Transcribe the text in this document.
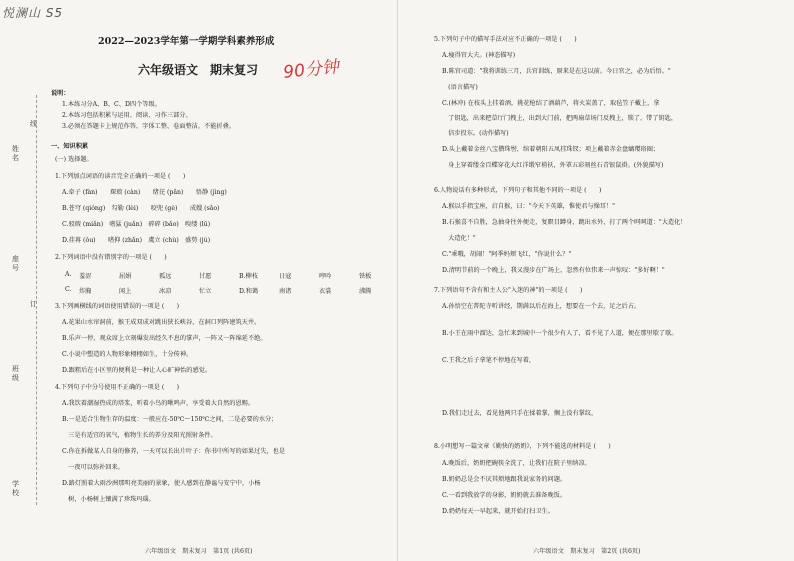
悦澜山 S5
90分钟
2022—2023学年第一学期学科素养形成
六年级语文　期末复习
姓名
座号
班级
学校
线
订
说明：
1.本练习分A、B、C、D四个等级。
2.本练习包括积累与运用、阅读、习作三部分。
3.必须在答题卡上规范作答，字体工整、卷面整洁，不能折叠。
一、知识积累
(一) 选择题。
1.下列加点词语的读音完全正确的一项是 (　　)
A.牵子 (fàn)　　琛琅 (càn)　　绪芘 (pǎn)　　悟静 (jìng)
B.苍穹 (qióng)　勾勒 (lèi)　　咬兜 (gè)　　成嫂 (sǎo)
C.驳瑕 (miǎn)　嗜猛 (juǎn)　碎碎 (bǎo)　嗅缕 (lǔ)
D.荏苒 (ǒu)　　嗜抑 (zhǎn)　虞立 (chù)　盛势 (jù)
2.下列词语中没有错别字的一项是 (　　)
A.	羞涩	屈娟	孤远	甘愿	B.柳枝	日寇	哼吟	铁板
C.	炸胸	闲上	冰凉	忙立	D.和蔼	南诸	衣裳	沸腾
3.下列画横线的词语使用错误的一项是 (　　)
A.花果山水帘洞前，猴王成双成对跳出狭长峡谷，在洞口列阵建筑天井。
B.乐声一停，观众席上立刻爆发出经久不息的掌声，一阵又一阵绵延不绝。
C.小说中塑造的人物形象栩栩如生，十分传神。
D.跟粗后在小区里的便利是一种让人心旷神怡的感觉。
4.下列句子中分号使用不正确的一项是 (　　)
A.我饮着潮湿热成的塔浆，听着小鸟的啾鸣声，享受着大自然的恩赐。
B.一是适合生物生存的温度：一般应在-50℃～150℃之间，二是必要的水分；
　三是有适宜的氧气，植物生长的养分及阳光照射条件。
C.你在拆做某人自身的修养，一天可以长出片叶子：你书中所写的如果过失，也是
　一夜可以弥补回来。
D.路灯照着大雨沙洲那明亮美丽的景象，使人感到在静谧与安宁中，小杨
　树，小杨树上镶满了珍珠玛瑙。
六年级语文　期末复习　第1页 (共6页)
5.下列句子中的描写手法对应不正确的一项是 (　　)
A.瘦得官大夫。(神态描写)
B.陈官司道："我将训练三月，兵官训练，原来是在这以前。今日官之，必为后悟。"
　(语言描写)
C.(林冲) 在枝头上挂着酒，挑花枪结了酒葫芦，将火炭盖了，取毡笠子戴上，拿
　了钥匙，出来把草厅门拽上，出到大门前，把两扇草场门反拽上，锁了，带了钥匙，
　信步投东。(动作描写)
D.头上戴着金丝八宝攒珠髻，绾着朝阳五凤挂珠钗；项上戴着赤金盘螭璎珞圈；
　身上穿着缕金百蝶穿花大红洋缎窄褃袄，外罩五彩刻丝石青银鼠褂。(外貌描写)
6.人物说话有多种形式，下列句子和其他不同的一项是 (　　)
A.猴以手指宝座，启自猴，曰："今天下英雄，惟使君与操耳！"
B.石猴喜不自胜，急抽身往外便走，复瞑目蹲身，跳出水外，打了两个呵呵道："大造化！
　大造化！"
C."乖哦，胡闹！"阿季妈颊飞红，"你说什么？"
D.清明节前的一个晚上，我又漫步在广场上，忽然有位伟来一声惊叹："多好啊！"
7.下列语句不含有和主人公"入迷的神"的一项是 (　　)
A.孙悟空在普陀寺听讲经，期满以后在海上，想要在一个去，足之后占。
B.小王在雨中溜达，急忙来到城中一个很少有人了，看不见了人道，便在那里歇了歇。
C.王我之后子拿笔不停地在写着，
D.我们走过去，看见他两只手在揉着掌，搁上没有掌纹，
8.小明想写一篇文章《勤快的奶奶》，下列不能选的材料是 (　　)
A.晚饭后，奶奶把碗筷全洗了，让我们在院子里纳凉。
B.奶奶总是会不厌其烦地跟我说家务的问题。
C.一看到我放学的身影，奶奶就去准备晚饭。
D.奶奶每天一早起来，就开始打扫卫生。
六年级语文　期末复习　第2页 (共6页)
